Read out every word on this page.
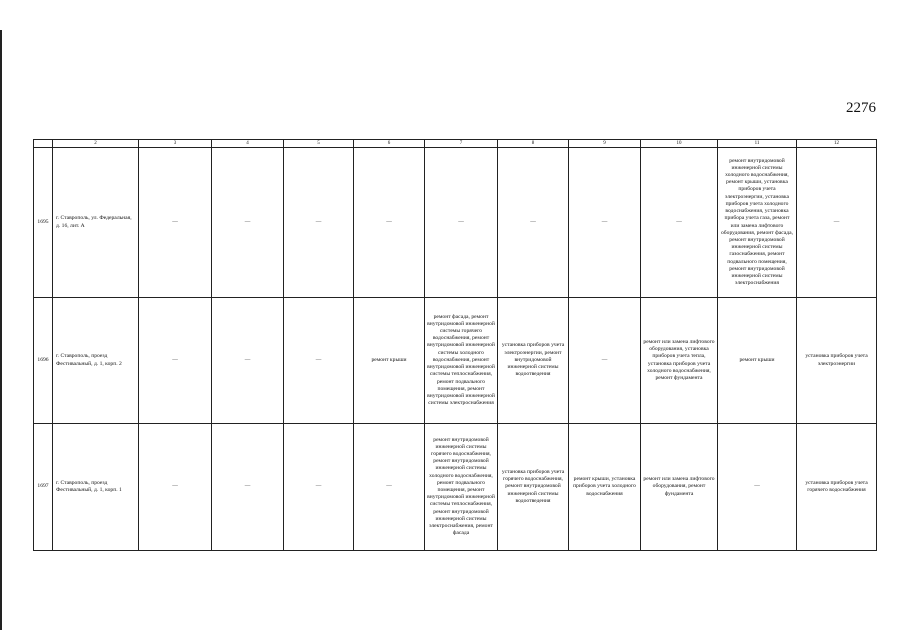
2276
	2	3	4	5	6	7	8	9	10	11	12
1695	г. Ставрополь, ул. Федеральная, д. 16, лит. А	—	—	—	—	—	—	—	—	ремонт внутридомовой инженерной системы холодного водоснабжения, ремонт крыши, установка приборов учета электроэнергии, установка приборов учета холодного водоснабжения, установка прибора учета газа, ремонт или замена лифтового оборудования, ремонт фасада, ремонт внутридомовой инженерной системы газоснабжения, ремонт подвального помещения, ремонт внутридомовой инженерной системы электроснабжения	—
1696	г. Ставрополь, проезд Фестивальный, д. 1, корп. 2	—	—	—	ремонт крыши	ремонт фасада, ремонт внутридомовой инженерной системы горячего водоснабжения, ремонт внутридомовой инженерной системы холодного водоснабжения, ремонт внутридомовой инженерной системы теплоснабжения, ремонт подвального помещения, ремонт внутридомовой инженерной системы электроснабжения	установка приборов учета электроэнергии, ремонт внутридомовой инженерной системы водоотведения	—	ремонт или замена лифтового оборудования, установка приборов учета тепла, установка приборов учета холодного водоснабжения, ремонт фундамента	ремонт крыши	установка приборов учета электроэнергии
1697	г. Ставрополь, проезд Фестивальный, д. 1, корп. 1	—	—	—	—	ремонт внутридомовой инженерной системы горячего водоснабжения, ремонт внутридомовой инженерной системы холодного водоснабжения, ремонт подвального помещения, ремонт внутридомовой инженерной системы теплоснабжения, ремонт внутридомовой инженерной системы электроснабжения, ремонт фасада	установка приборов учета горячего водоснабжения, ремонт внутридомовой инженерной системы водоотведения	ремонт крыши, установка приборов учета холодного водоснабжения	ремонт или замена лифтового оборудования, ремонт фундамента	—	установка приборов учета горячего водоснабжения
